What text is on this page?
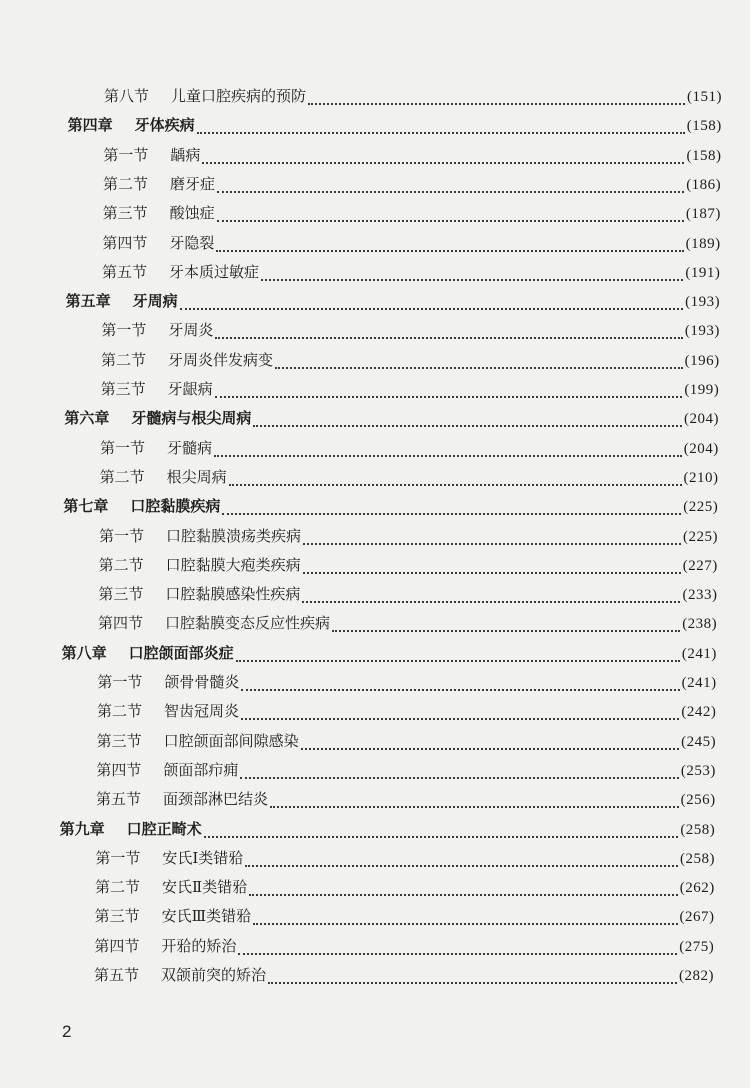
第八节 儿童口腔疾病的预防	(151)
第四章 牙体疾病	(158)
第一节 龋病	(158)
第二节 磨牙症	(186)
第三节 酸蚀症	(187)
第四节 牙隐裂	(189)
第五节 牙本质过敏症	(191)
第五章 牙周病	(193)
第一节 牙周炎	(193)
第二节 牙周炎伴发病变	(196)
第三节 牙龈病	(199)
第六章 牙髓病与根尖周病	(204)
第一节 牙髓病	(204)
第二节 根尖周病	(210)
第七章 口腔黏膜疾病	(225)
第一节 口腔黏膜溃疡类疾病	(225)
第二节 口腔黏膜大疱类疾病	(227)
第三节 口腔黏膜感染性疾病	(233)
第四节 口腔黏膜变态反应性疾病	(238)
第八章 口腔颌面部炎症	(241)
第一节 颌骨骨髓炎	(241)
第二节 智齿冠周炎	(242)
第三节 口腔颌面部间隙感染	(245)
第四节 颌面部疖痈	(253)
第五节 面颈部淋巴结炎	(256)
第九章 口腔正畸术	(258)
第一节 安氏Ⅰ类错𬌗	(258)
第二节 安氏Ⅱ类错𬌗	(262)
第三节 安氏Ⅲ类错𬌗	(267)
第四节 开𬌗的矫治	(275)
第五节 双颌前突的矫治	(282)
2
